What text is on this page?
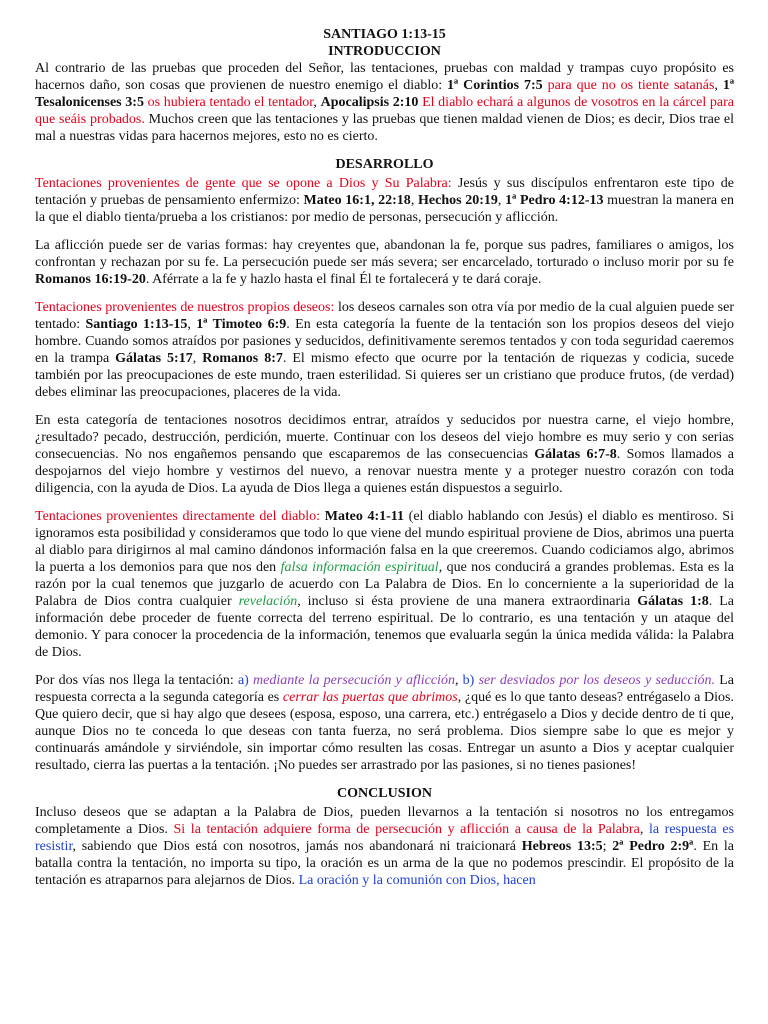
SANTIAGO 1:13-15
INTRODUCCION

Al contrario de las pruebas que proceden del Señor, las tentaciones, pruebas con maldad y trampas cuyo propósito es hacernos daño, son cosas que provienen de nuestro enemigo el diablo: 1ª Corintios 7:5 para que no os tiente satanás, 1ª Tesalonicenses 3:5 os hubiera tentado el tentador, Apocalipsis 2:10 El diablo echará a algunos de vosotros en la cárcel para que seáis probados. Muchos creen que las tentaciones y las pruebas que tienen maldad vienen de Dios; es decir, Dios trae el mal a nuestras vidas para hacernos mejores, esto no es cierto.

DESARROLLO

Tentaciones provenientes de gente que se opone a Dios y Su Palabra: Jesús y sus discípulos enfrentaron este tipo de tentación y pruebas de pensamiento enfermizo: Mateo 16:1, 22:18, Hechos 20:19, 1ª Pedro 4:12-13 muestran la manera en la que el diablo tienta/prueba a los cristianos: por medio de personas, persecución y aflicción.

La aflicción puede ser de varias formas: hay creyentes que, abandonan la fe, porque sus padres, familiares o amigos, los confrontan y rechazan por su fe. La persecución puede ser más severa; ser encarcelado, torturado o incluso morir por su fe Romanos 16:19-20. Aférrate a la fe y hazlo hasta el final Él te fortalecerá y te dará coraje.

Tentaciones provenientes de nuestros propios deseos: los deseos carnales son otra vía por medio de la cual alguien puede ser tentado: Santiago 1:13-15, 1ª Timoteo 6:9. En esta categoría la fuente de la tentación son los propios deseos del viejo hombre. Cuando somos atraídos por pasiones y seducidos, definitivamente seremos tentados y con toda seguridad caeremos en la trampa Gálatas 5:17, Romanos 8:7. El mismo efecto que ocurre por la tentación de riquezas y codicia, sucede también por las preocupaciones de este mundo, traen esterilidad. Si quieres ser un cristiano que produce frutos, (de verdad) debes eliminar las preocupaciones, placeres de la vida.

En esta categoría de tentaciones nosotros decidimos entrar, atraídos y seducidos por nuestra carne, el viejo hombre, ¿resultado? pecado, destrucción, perdición, muerte. Continuar con los deseos del viejo hombre es muy serio y con serias consecuencias. No nos engañemos pensando que escaparemos de las consecuencias Gálatas 6:7-8. Somos llamados a despojarnos del viejo hombre y vestirnos del nuevo, a renovar nuestra mente y a proteger nuestro corazón con toda diligencia, con la ayuda de Dios. La ayuda de Dios llega a quienes están dispuestos a seguirlo.

Tentaciones provenientes directamente del diablo: Mateo 4:1-11 (el diablo hablando con Jesús) el diablo es mentiroso. Si ignoramos esta posibilidad y consideramos que todo lo que viene del mundo espiritual proviene de Dios, abrimos una puerta al diablo para dirigirnos al mal camino dándonos información falsa en la que creeremos. Cuando codiciamos algo, abrimos la puerta a los demonios para que nos den falsa información espiritual, que nos conducirá a grandes problemas. Esta es la razón por la cual tenemos que juzgarlo de acuerdo con La Palabra de Dios. En lo concerniente a la superioridad de la Palabra de Dios contra cualquier revelación, incluso si ésta proviene de una manera extraordinaria Gálatas 1:8. La información debe proceder de fuente correcta del terreno espiritual. De lo contrario, es una tentación y un ataque del demonio. Y para conocer la procedencia de la información, tenemos que evaluarla según la única medida válida: la Palabra de Dios.

Por dos vías nos llega la tentación: a) mediante la persecución y aflicción, b) ser desviados por los deseos y seducción. La respuesta correcta a la segunda categoría es cerrar las puertas que abrimos, ¿qué es lo que tanto deseas? entrégaselo a Dios. Que quiero decir, que si hay algo que desees (esposa, esposo, una carrera, etc.) entrégaselo a Dios y decide dentro de ti que, aunque Dios no te conceda lo que deseas con tanta fuerza, no será problema. Dios siempre sabe lo que es mejor y continuarás amándole y sirviéndole, sin importar cómo resulten las cosas. Entregar un asunto a Dios y aceptar cualquier resultado, cierra las puertas a la tentación. ¡No puedes ser arrastrado por las pasiones, si no tienes pasiones!

CONCLUSION

Incluso deseos que se adaptan a la Palabra de Dios, pueden llevarnos a la tentación si nosotros no los entregamos completamente a Dios. Si la tentación adquiere forma de persecución y aflicción a causa de la Palabra, la respuesta es resistir, sabiendo que Dios está con nosotros, jamás nos abandonará ni traicionará Hebreos 13:5; 2ª Pedro 2:9ª. En la batalla contra la tentación, no importa su tipo, la oración es un arma de la que no podemos prescindir. El propósito de la tentación es atraparnos para alejarnos de Dios. La oración y la comunión con Dios, hacen
